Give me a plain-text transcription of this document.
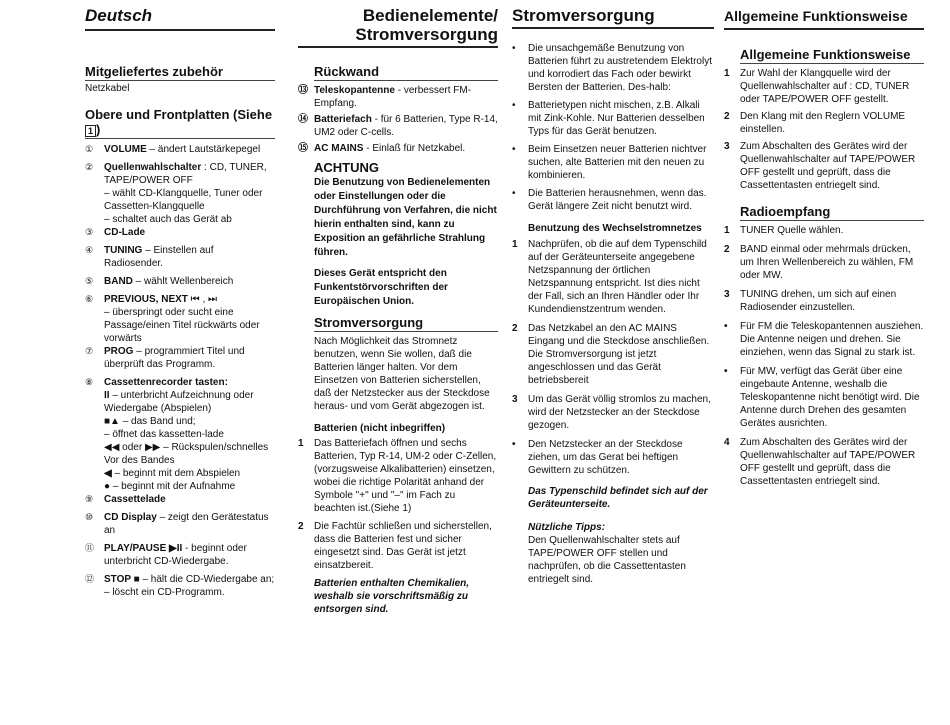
Deutsch
Mitgeliefertes zubehör

Netzkabel

Obere und Frontplatten (Siehe 1 )
①	VOLUME – ändert Lautstärkepegel
②	Quellenwahlschalter : CD, TUNER, TAPE/POWER OFF
– wählt CD-Klangquelle, Tuner oder Cassetten-Klangquelle
– schaltet auch das Gerät ab
③	CD-Lade
④	TUNING – Einstellen auf Radiosender.
⑤	BAND – wählt Wellenbereich
⑥	PREVIOUS, NEXT ⏮ , ⏭
– überspringt oder sucht eine Passage/einen Titel rückwärts oder vorwärts
⑦	PROG – programmiert Titel und überprüft das Programm.
⑧	Cassettenrecorder tasten:
II – unterbricht Aufzeichnung oder Wiedergabe (Abspielen)
■▲ – das Band und;
– öffnet das kassetten-lade
◀◀ oder ▶▶ – Rückspulen/schnelles Vor des Bandes
◀ – beginnt mit dem Abspielen
● – beginnt mit der Aufnahme
⑨	Cassettelade
⑩	CD Display – zeigt den Gerätestatus an
⑪ PLAY/PAUSE ▶II - beginnt oder unterbricht CD-Wiedergabe.
⑫ STOP ■ – hält die CD-Wiedergabe an;
– löscht ein CD-Programm.
Bedienelemente/
Stromversorgung
Rückwand
⑬ Teleskopantenne - verbessert FM-Empfang.
⑭ Batteriefach - für 6 Batterien, Type R-14, UM2 oder C-cells.
⑮ AC MAINS - Einlaß für Netzkabel.
ACHTUNG

Die Benutzung von Bedienelementen oder Einstellungen oder die Durchführung von Verfahren, die nicht hierin enthalten sind, kann zu Exposition an gefährliche Strahlung führen.

Dieses Gerät entspricht den Funkentstörvorschriften der Europäischen Union.

Stromversorgung

Nach Möglichkeit das Stromnetz benutzen, wenn Sie wollen, daß die Batterien länger halten. Vor dem Einsetzen von Batterien sicherstellen, daß der Netzstecker aus der Steckdose heraus- und vom Gerät abgezogen ist.

Batterien (nicht inbegriffen)
1	Das Batteriefach öffnen und sechs Batterien, Typ R-14, UM-2 oder C-Zellen, (vorzugsweise Alkalibatterien) einsetzen, wobei die richtige Polarität anhand der Symbole "+" und "–" im Fach zu beachten ist.(Siehe 1)
2	Die Fachtür schließen und sicherstellen, dass die Batterien fest und sicher eingesetzt sind. Das Gerät ist jetzt einsatzbereit.

Batterien enthalten Chemikalien, weshalb sie vorschriftsmäßig zu entsorgen sind.

Stromversorgung
•	Die unsachgemäße Benutzung von Batterien führt zu austretendem Elektrolyt und korrodiert das Fach oder bewirkt Bersten der Batterien. Des-halb:
•	Batterietypen nicht mischen, z.B. Alkali mit Zink-Kohle. Nur Batterien desselben Typs für das Gerät benutzen.
•	Beim Einsetzen neuer Batterien nichtver suchen, alte Batterien mit den neuen zu kombinieren.
•	Die Batterien herausnehmen, wenn das. Gerät längere Zeit nicht benutzt wird.
Benutzung des Wechselstromnetzes
1	Nachprüfen, ob die auf dem Typenschild auf der Geräteunterseite angegebene Netzspannung der örtlichen Netzspannung entspricht. Ist dies nicht der Fall, sich an Ihren Händler oder Ihr Kundendienstzentrum wenden.
2	Das Netzkabel an den AC MAINS Eingang und die Steckdose anschließen. Die Stromversorgung ist jetzt angeschlossen und das Gerät betriebsbereit
3	Um das Gerät völlig stromlos zu machen, wird der Netzstecker an der Steckdose gezogen.
•	Den Netzstecker an der Steckdose ziehen, um das Gerat bei heftigen Gewittern zu schützen.

Das Typenschild befindet sich auf der Geräteunterseite.

Nützliche Tipps:

Den Quellenwahlschalter stets auf TAPE/POWER OFF stellen und nachprüfen, ob die Cassettentasten entriegelt sind.

Allgemeine Funktionsweise
Allgemeine Funktionsweise
1	Zur Wahl der Klangquelle wird der Quellenwahlschalter auf : CD, TUNER oder TAPE/POWER OFF gestellt.
2	Den Klang mit den Reglern VOLUME einstellen.
3	Zum Abschalten des Gerätes wird der Quellenwahlschalter auf TAPE/POWER OFF gestellt und geprüft, dass die Cassettentasten entriegelt sind.
Radioempfang
1	TUNER Quelle wählen.
2	BAND einmal oder mehrmals drücken, um Ihren Wellenbereich zu wählen, FM oder MW.
3	TUNING drehen, um sich auf einen Radiosender einzustellen.
•	Für FM die Teleskopantennen ausziehen. Die Antenne neigen und drehen. Sie einziehen, wenn das Signal zu stark ist.
•	Für MW, verfügt das Gerät über eine eingebaute Antenne, weshalb die Teleskopantenne nicht benötigt wird. Die Antenne durch Drehen des gesamten Gerätes ausrichten.
4	Zum Abschalten des Gerätes wird der Quellenwahlschalter auf TAPE/POWER OFF gestellt und geprüft, dass die Cassettentasten entriegelt sind.
